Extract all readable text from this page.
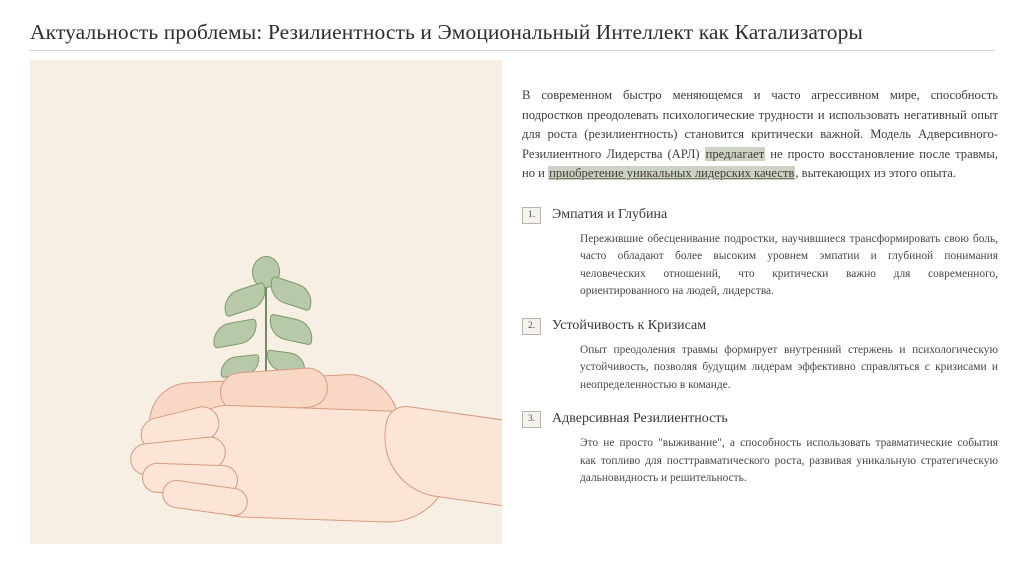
Актуальность проблемы: Резилиентность и Эмоциональный Интеллект как Катализаторы

В современном быстро меняющемся и часто агрессивном мире, способность подростков преодолевать психологические трудности и использовать негативный опыт для роста (резилиентность) становится критически важной. Модель Адверсивного-Резилиентного Лидерства (АРЛ) предлагает не просто восстановление после травмы, но и приобретение уникальных лидерских качеств, вытекающих из этого опыта.

1.	Эмпатия и Глубина
Пережившие обесценивание подростки, научившиеся трансформировать свою боль, часто обладают более высоким уровнем эмпатии и глубиной понимания человеческих отношений, что критически важно для современного, ориентированного на людей, лидерства.
2.	Устойчивость к Кризисам
Опыт преодоления травмы формирует внутренний стержень и психологическую устойчивость, позволяя будущим лидерам эффективно справляться с кризисами и неопределенностью в команде.
3.	Адверсивная Резилиентность
Это не просто "выживание", а способность использовать травматические события как топливо для посттравматического роста, развивая уникальную стратегическую дальновидность и решительность.
